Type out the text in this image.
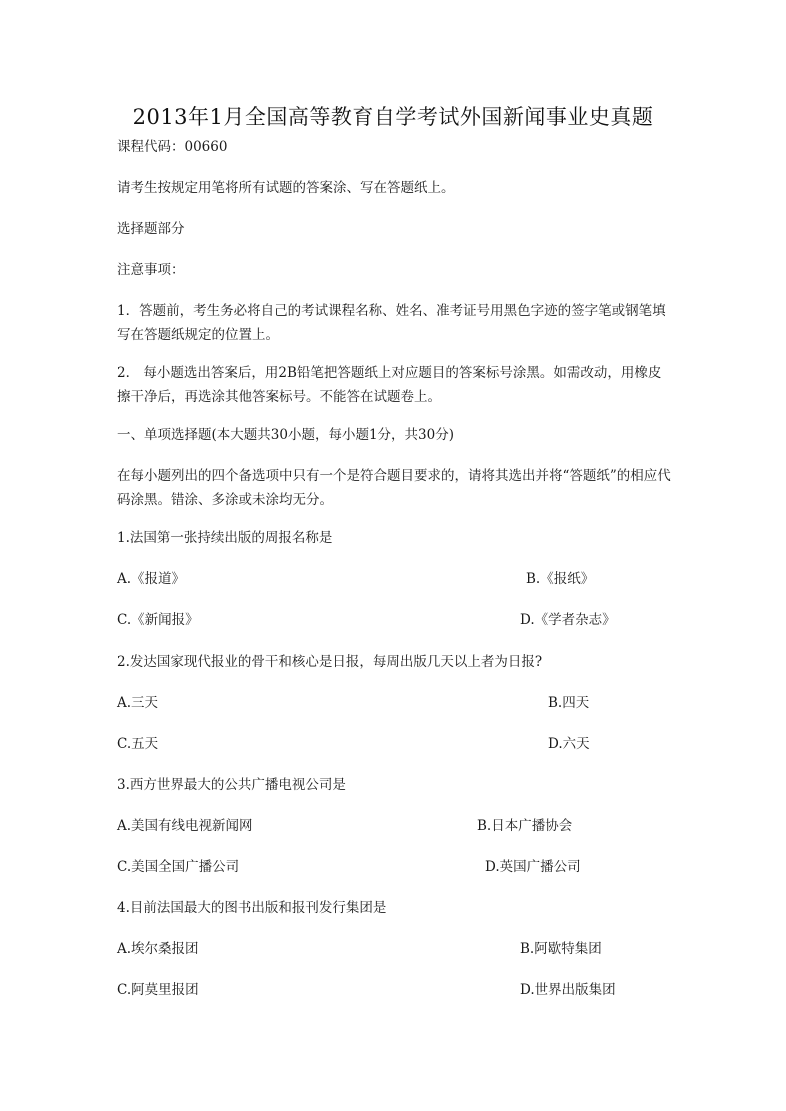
2013年1月全国高等教育自学考试外国新闻事业史真题
课程代码：00660
请考生按规定用笔将所有试题的答案涂、写在答题纸上。
选择题部分
注意事项：
1．答题前，考生务必将自己的考试课程名称、姓名、准考证号用黑色字迹的签字笔或钢笔填写在答题纸规定的位置上。
2． 每小题选出答案后，用2B铅笔把答题纸上对应题目的答案标号涂黑。如需改动，用橡皮擦干净后，再选涂其他答案标号。不能答在试题卷上。
一、单项选择题(本大题共30小题，每小题1分，共30分)
在每小题列出的四个备选项中只有一个是符合题目要求的，请将其选出并将“答题纸”的相应代码涂黑。错涂、多涂或未涂均无分。
1.法国第一张持续出版的周报名称是
A.《报道》	B.《报纸》
C.《新闻报》	D.《学者杂志》
2.发达国家现代报业的骨干和核心是日报，每周出版几天以上者为日报?
A.三天	B.四天
C.五天	D.六天
3.西方世界最大的公共广播电视公司是
A.美国有线电视新闻网	B.日本广播协会
C.美国全国广播公司	D.英国广播公司
4.目前法国最大的图书出版和报刊发行集团是
A.埃尔桑报团	B.阿歇特集团
C.阿莫里报团	D.世界出版集团
